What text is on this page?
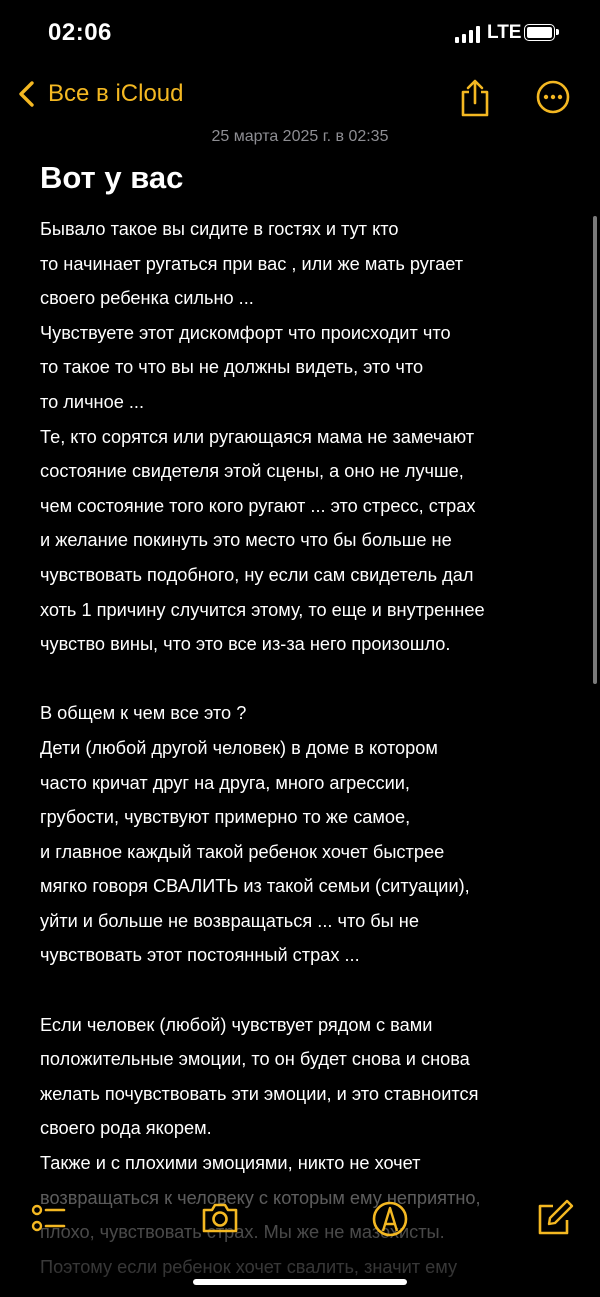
02:06	LTE
Все в iCloud
25 марта 2025 г. в 02:35
Вот у вас
Бывало такое вы сидите в гостях и тут кто
то начинает ругаться при вас , или же мать ругает
своего ребенка сильно ...
Чувствуете этот дискомфорт что происходит что
то такое то что вы не должны видеть, это что
то личное ...
Те, кто сорятся или ругающаяся мама не замечают
состояние свидетеля этой сцены, а оно не лучше,
чем состояние того кого ругают ... это стресс, страх
и желание покинуть это место что бы больше не
чувствовать подобного, ну если сам свидетель дал
хоть 1 причину случится этому, то еще и внутреннее
чувство вины, что это все из-за него произошло.
В общем к чем все это ?
Дети (любой другой человек) в доме в котором
часто кричат друг на друга, много агрессии,
грубости, чувствуют примерно то же самое,
и главное каждый такой ребенок хочет быстрее
мягко говоря СВАЛИТЬ из такой семьи (ситуации),
уйти и больше не возвращаться ... что бы не
чувствовать этот постоянный страх ...
Если человек (любой) чувствует рядом с вами
положительные эмоции, то он будет снова и снова
желать почувствовать эти эмоции, и это ставноится
своего рода якорем.
Также и с плохими эмоциями, никто не хочет
